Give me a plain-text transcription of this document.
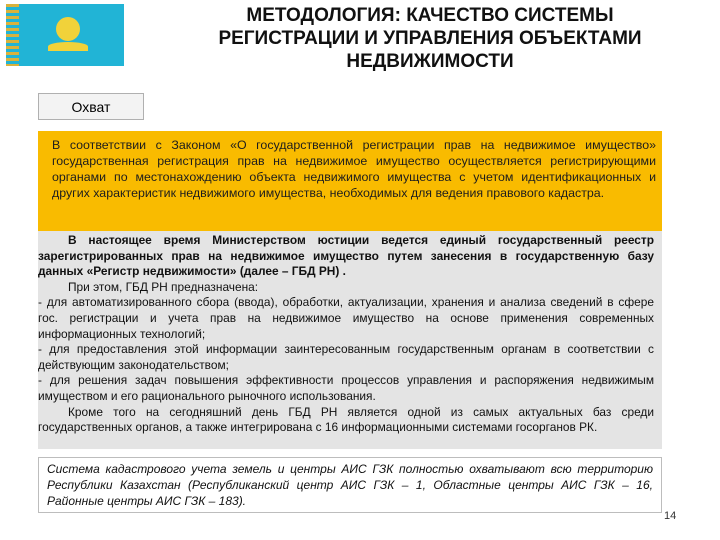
МЕТОДОЛОГИЯ: КАЧЕСТВО СИСТЕМЫ
РЕГИСТРАЦИИ И УПРАВЛЕНИЯ ОБЪЕКТАМИ
НЕДВИЖИМОСТИ
Охват
В соответствии с Законом «О государственной регистрации прав на недвижимое имущество» государственная регистрация прав на недвижимое имущество осуществляется регистрирующими органами по местонахождению объекта недвижимого имущества с учетом идентификационных и других характеристик недвижимого имущества, необходимых для ведения правового кадастра.

В настоящее время Министерством юстиции ведется единый государственный реестр зарегистрированных прав на недвижимое имущество путем занесения в государственную базу данных «Регистр недвижимости» (далее – ГБД РН) .

При этом, ГБД РН предназначена:

- для автоматизированного сбора (ввода), обработки, актуализации, хранения и анализа сведений в сфере гос. регистрации и учета прав на недвижимое имущество на основе применения современных информационных технологий;

- для предоставления этой информации заинтересованным государственным органам в соответствии с действующим законодательством;

- для решения задач повышения эффективности процессов управления и распоряжения недвижимым имуществом и его рационального рыночного использования.

Кроме того на сегодняшний день ГБД РН является одной из самых актуальных баз среди государственных органов, а также интегрирована с 16 информационными системами госорганов РК.

Система кадастрового учета земель и центры АИС ГЗК полностью охватывают всю территорию Республики Казахстан (Республиканский центр АИС ГЗК – 1, Областные центры АИС ГЗК – 16, Районные центры АИС ГЗК – 183).
14
